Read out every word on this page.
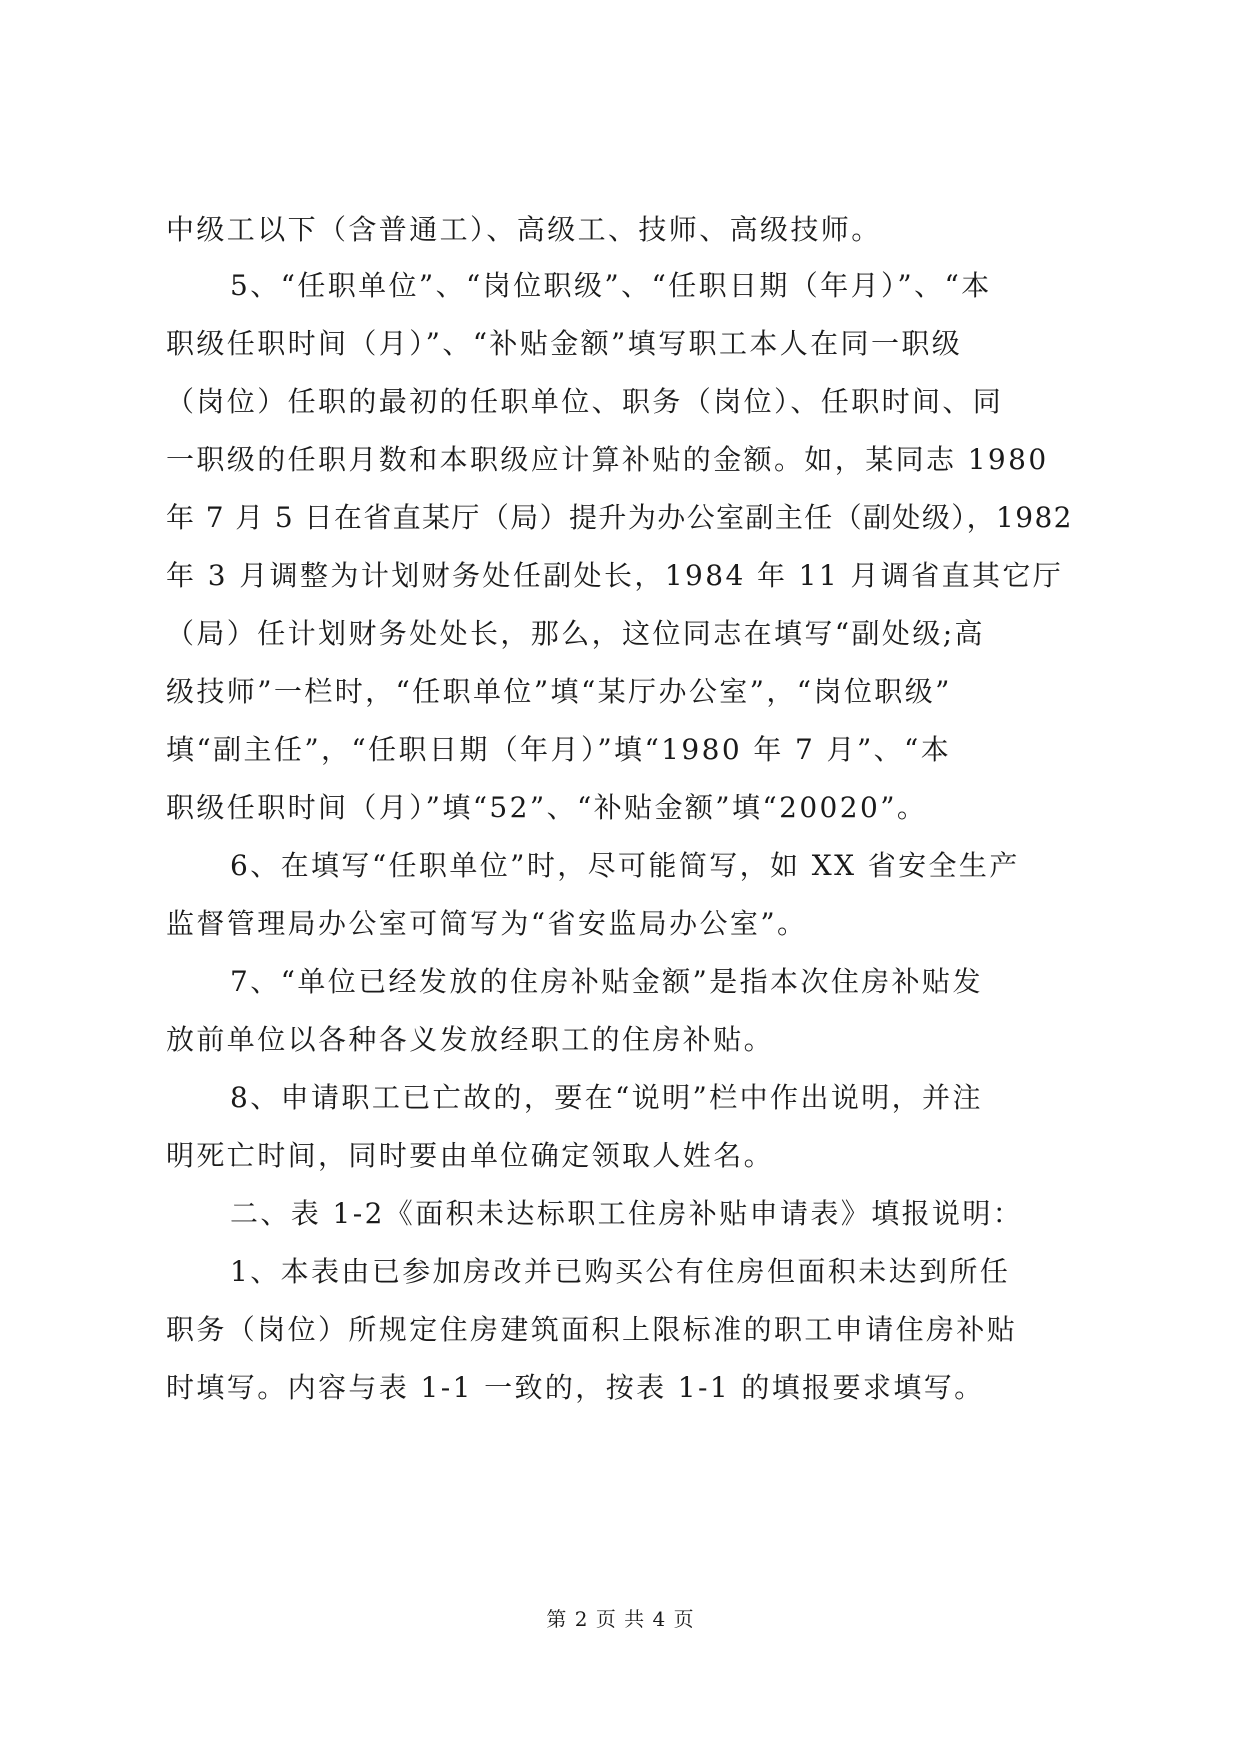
中级工以下（含普通工）、高级工、技师、高级技师。
5、“任职单位”、“岗位职级”、“任职日期（年月）”、“本
职级任职时间（月）”、“补贴金额”填写职工本人在同一职级
（岗位）任职的最初的任职单位、职务（岗位）、任职时间、同
一职级的任职月数和本职级应计算补贴的金额。如，某同志 1980
年 7 月 5 日在省直某厅（局）提升为办公室副主任（副处级），1982
年 3 月调整为计划财务处任副处长，1984 年 11 月调省直其它厅
（局）任计划财务处处长，那么，这位同志在填写“副处级;高
级技师”一栏时，“任职单位”填“某厅办公室”，“岗位职级”
填“副主任”，“任职日期（年月）”填“1980 年 7 月”、“本
职级任职时间（月）”填“52”、“补贴金额”填“20020”。
6、在填写“任职单位”时，尽可能简写，如 XX 省安全生产
监督管理局办公室可简写为“省安监局办公室”。
7、“单位已经发放的住房补贴金额”是指本次住房补贴发
放前单位以各种各义发放经职工的住房补贴。
8、申请职工已亡故的，要在“说明”栏中作出说明，并注
明死亡时间，同时要由单位确定领取人姓名。
二、表 1-2《面积未达标职工住房补贴申请表》填报说明：
1、本表由已参加房改并已购买公有住房但面积未达到所任
职务（岗位）所规定住房建筑面积上限标准的职工申请住房补贴
时填写。内容与表 1-1 一致的，按表 1-1 的填报要求填写。
第 2 页 共 4 页
